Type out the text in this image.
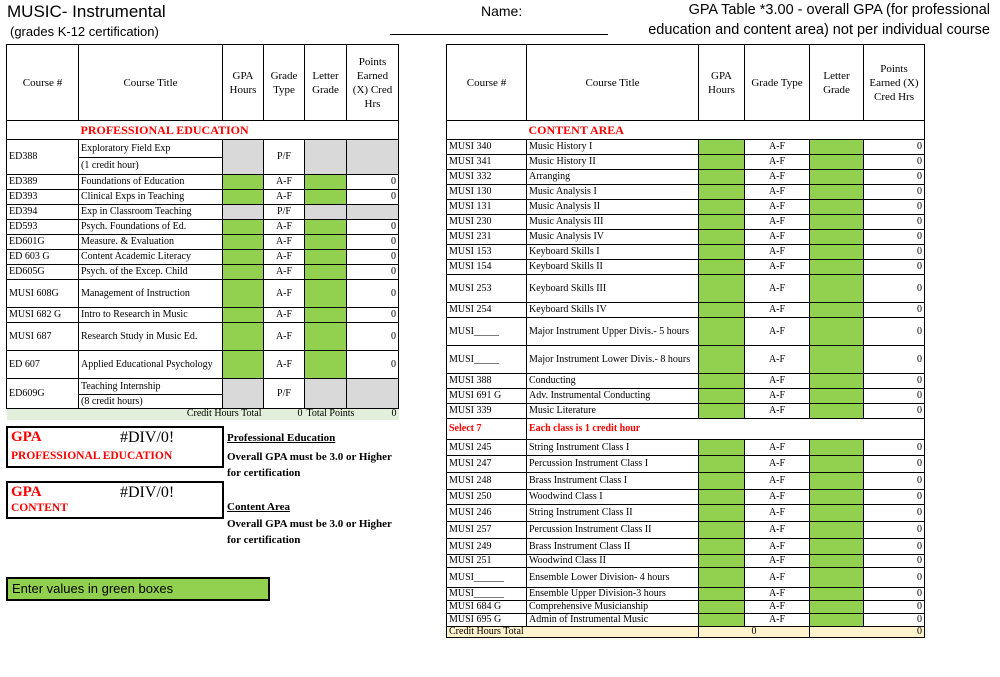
MUSIC- Instrumental
(grades K-12 certification)
Name:	GPA Table *3.00 - overall GPA (for professional
education and content area) not per individual course
Course #	Course Title	GPA Hours	Grade Type	Letter Grade	Points Earned (X) Cred Hrs
	PROFESSIONAL EDUCATION				
ED388	Exploratory Field Exp		P/F		
	(1 credit hour)				
ED389	Foundations of Education		A-F		0
ED393	Clinical Exps in Teaching		A-F		0
ED394	Exp in Classroom Teaching		P/F		
ED593	Psych. Foundations of Ed.		A-F		0
ED601G	Measure. & Evaluation		A-F		0
ED 603 G	Content Academic Literacy		A-F		0
ED605G	Psych. of the Excep. Child		A-F		0
MUSI 608G	Management of Instruction		A-F		0
MUSI 682 G	Intro to Research in Music		A-F		0
MUSI 687	Research Study in Music Ed.		A-F		0
ED 607	Applied Educational Psychology		A-F		0
ED609G	Teaching Internship		P/F		
	(8 credit hours)				
Credit Hours Total			0	Total Points 0	
GPA	#DIV/0!
PROFESSIONAL EDUCATION
GPA	#DIV/0!
CONTENT
Professional Education
Overall GPA must be 3.0 or Higher
for certification
Content Area
Overall GPA must be 3.0 or Higher
for certification
Enter values in green boxes
Course #	Course Title	GPA Hours	Grade Type	Letter Grade	Points Earned (X) Cred Hrs
	CONTENT AREA				
MUSI 340	Music History I		A-F		0
MUSI 341	Music History II		A-F		0
MUSI 332	Arranging		A-F		0
MUSI 130	Music Analysis I		A-F		0
MUSI 131	Music Analysis II		A-F		0
MUSI 230	Music Analysis III		A-F		0
MUSI 231	Music Analysis IV		A-F		0
MUSI 153	Keyboard Skills I		A-F		0
MUSI 154	Keyboard Skills II		A-F		0
MUSI 253	Keyboard Skills III		A-F		0
MUSI 254	Keyboard Skills IV		A-F		0
MUSI_____	Major Instrument Upper Divis.- 5 hours		A-F		0
MUSI_____	Major Instrument Lower Divis.- 8 hours		A-F		0
MUSI 388	Conducting		A-F		0
MUSI 691 G	Adv. Instrumental Conducting		A-F		0
MUSI 339	Music Literature		A-F		0
Select 7	Each class is 1 credit hour				
MUSI 245	String Instrument Class I		A-F		0
MUSI 247	Percussion Instrument Class I		A-F		0
MUSI 248	Brass Instrument Class I		A-F		0
MUSI 250	Woodwind Class I		A-F		0
MUSI 246	String Instrument Class II		A-F		0
MUSI 257	Percussion Instrument Class II		A-F		0
MUSI 249	Brass Instrument Class II		A-F		0
MUSI 251	Woodwind Class II		A-F		0
MUSI______	Ensemble Lower Division- 4 hours		A-F		0
MUSI______	Ensemble Upper Division-3 hours		A-F		0
MUSI 684 G	Comprehensive Musicianship		A-F		0
MUSI 695 G	Admin of Instrumental Music		A-F		0
Credit Hours Total		0		0	
